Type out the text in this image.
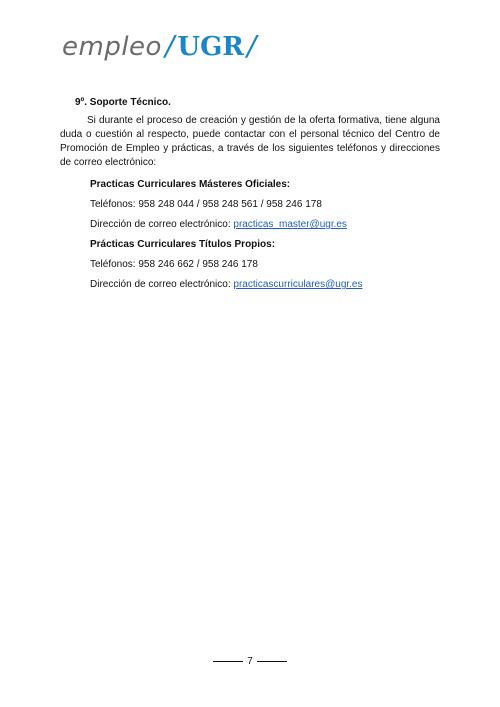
empleo / UGR /
9º. Soporte Técnico.

Si durante el proceso de creación y gestión de la oferta formativa, tiene alguna duda o cuestión al respecto, puede contactar con el personal técnico del Centro de Promoción de Empleo y prácticas, a través de los siguientes teléfonos y direcciones de correo electrónico:

Practicas Curriculares Másteres Oficiales:

Teléfonos: 958 248 044 / 958 248 561 / 958 246 178

Dirección de correo electrónico: practicas_master@ugr.es

Prácticas Curriculares Títulos Propios:

Teléfonos: 958 246 662 / 958 246 178

Dirección de correo electrónico: practicascurriculares@ugr.es

7
